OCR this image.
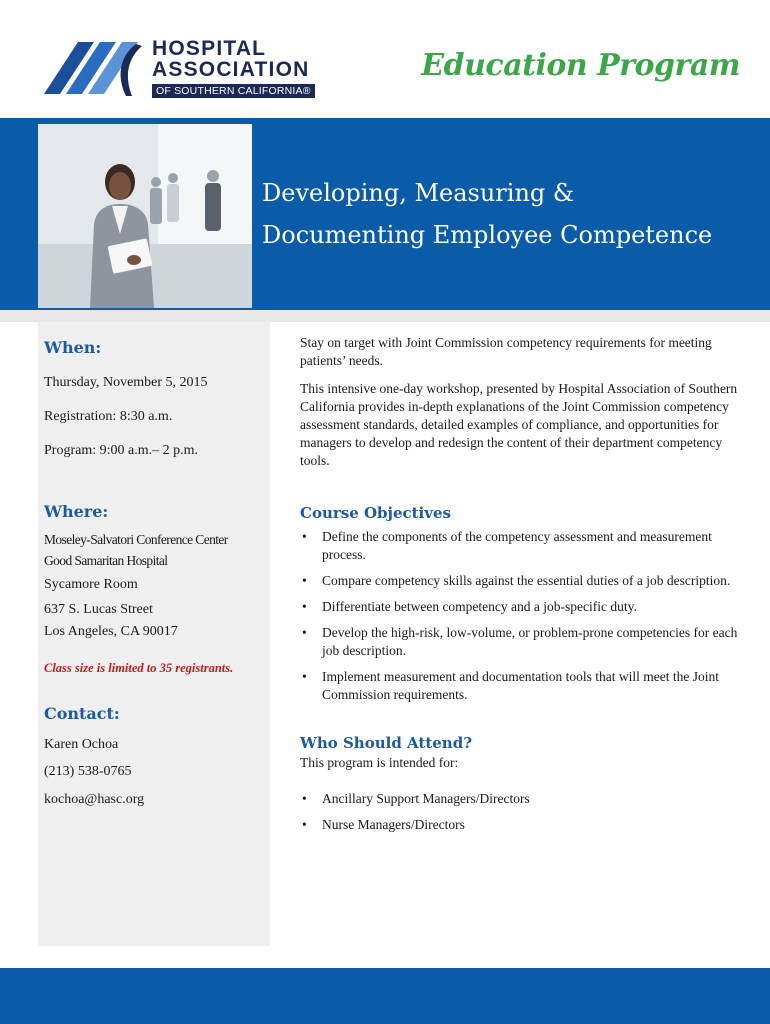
HOSPITAL
ASSOCIATION
OF SOUTHERN CALIFORNIA®
Education Program
Developing, Measuring &
Documenting Employee Competence
When:
Thursday, November 5, 2015
Registration: 8:30 a.m.
Program: 9:00 a.m.– 2 p.m.
Where:
Moseley-Salvatori Conference Center
Good Samaritan Hospital
Sycamore Room
637 S. Lucas Street
Los Angeles, CA 90017
Class size is limited to 35 registrants.
Contact:
Karen Ochoa
(213) 538-0765
kochoa@hasc.org

Stay on target with Joint Commission competency requirements for meeting patients’ needs.

This intensive one-day workshop, presented by Hospital Association of Southern California provides in-depth explanations of the Joint Commission competency assessment standards, detailed examples of compliance, and opportunities for managers to develop and redesign the content of their department competency tools.

Course Objectives
• Define the components of the competency assessment and measurement process.
• Compare competency skills against the essential duties of a job description.
• Differentiate between competency and a job-specific duty.
• Develop the high-risk, low-volume, or problem-prone competencies for each job description.
• Implement measurement and documentation tools that will meet the Joint Commission requirements.
Who Should Attend?

This program is intended for:

• Ancillary Support Managers/Directors
• Nurse Managers/Directors
